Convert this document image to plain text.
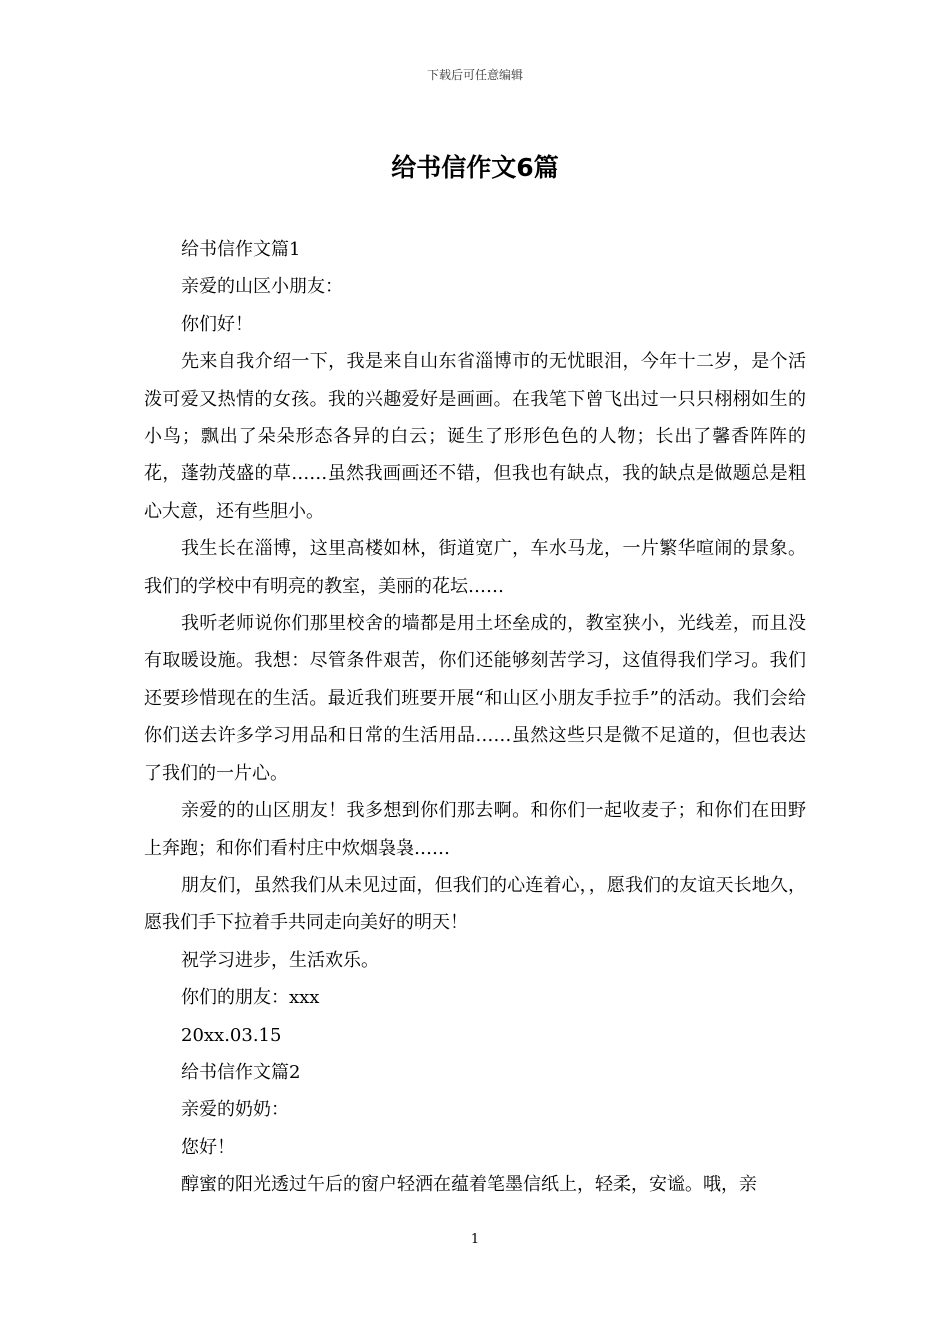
下载后可任意编辑
给书信作文6篇

给书信作文篇1

亲爱的山区小朋友：

你们好！

先来自我介绍一下，我是来自山东省淄博市的无忧眼泪，今年十二岁，是个活泼可爱又热情的女孩。我的兴趣爱好是画画。在我笔下曾飞出过一只只栩栩如生的小鸟；飘出了朵朵形态各异的白云；诞生了形形色色的人物；长出了馨香阵阵的花，蓬勃茂盛的草……虽然我画画还不错，但我也有缺点，我的缺点是做题总是粗心大意，还有些胆小。

我生长在淄博，这里高楼如林，街道宽广，车水马龙，一片繁华喧闹的景象。我们的学校中有明亮的教室，美丽的花坛……

我听老师说你们那里校舍的墙都是用土坯垒成的，教室狭小，光线差，而且没有取暖设施。我想：尽管条件艰苦，你们还能够刻苦学习，这值得我们学习。我们还要珍惜现在的生活。最近我们班要开展“和山区小朋友手拉手”的活动。我们会给你们送去许多学习用品和日常的生活用品……虽然这些只是微不足道的，但也表达了我们的一片心。

亲爱的的山区朋友！我多想到你们那去啊。和你们一起收麦子；和你们在田野上奔跑；和你们看村庄中炊烟袅袅……

朋友们，虽然我们从未见过面，但我们的心连着心，，愿我们的友谊天长地久，愿我们手下拉着手共同走向美好的明天！

祝学习进步，生活欢乐。

你们的朋友：xxx

20xx.03.15

给书信作文篇2

亲爱的奶奶：

您好！

醇蜜的阳光透过午后的窗户轻洒在蕴着笔墨信纸上，轻柔，安谧。哦，亲

1
